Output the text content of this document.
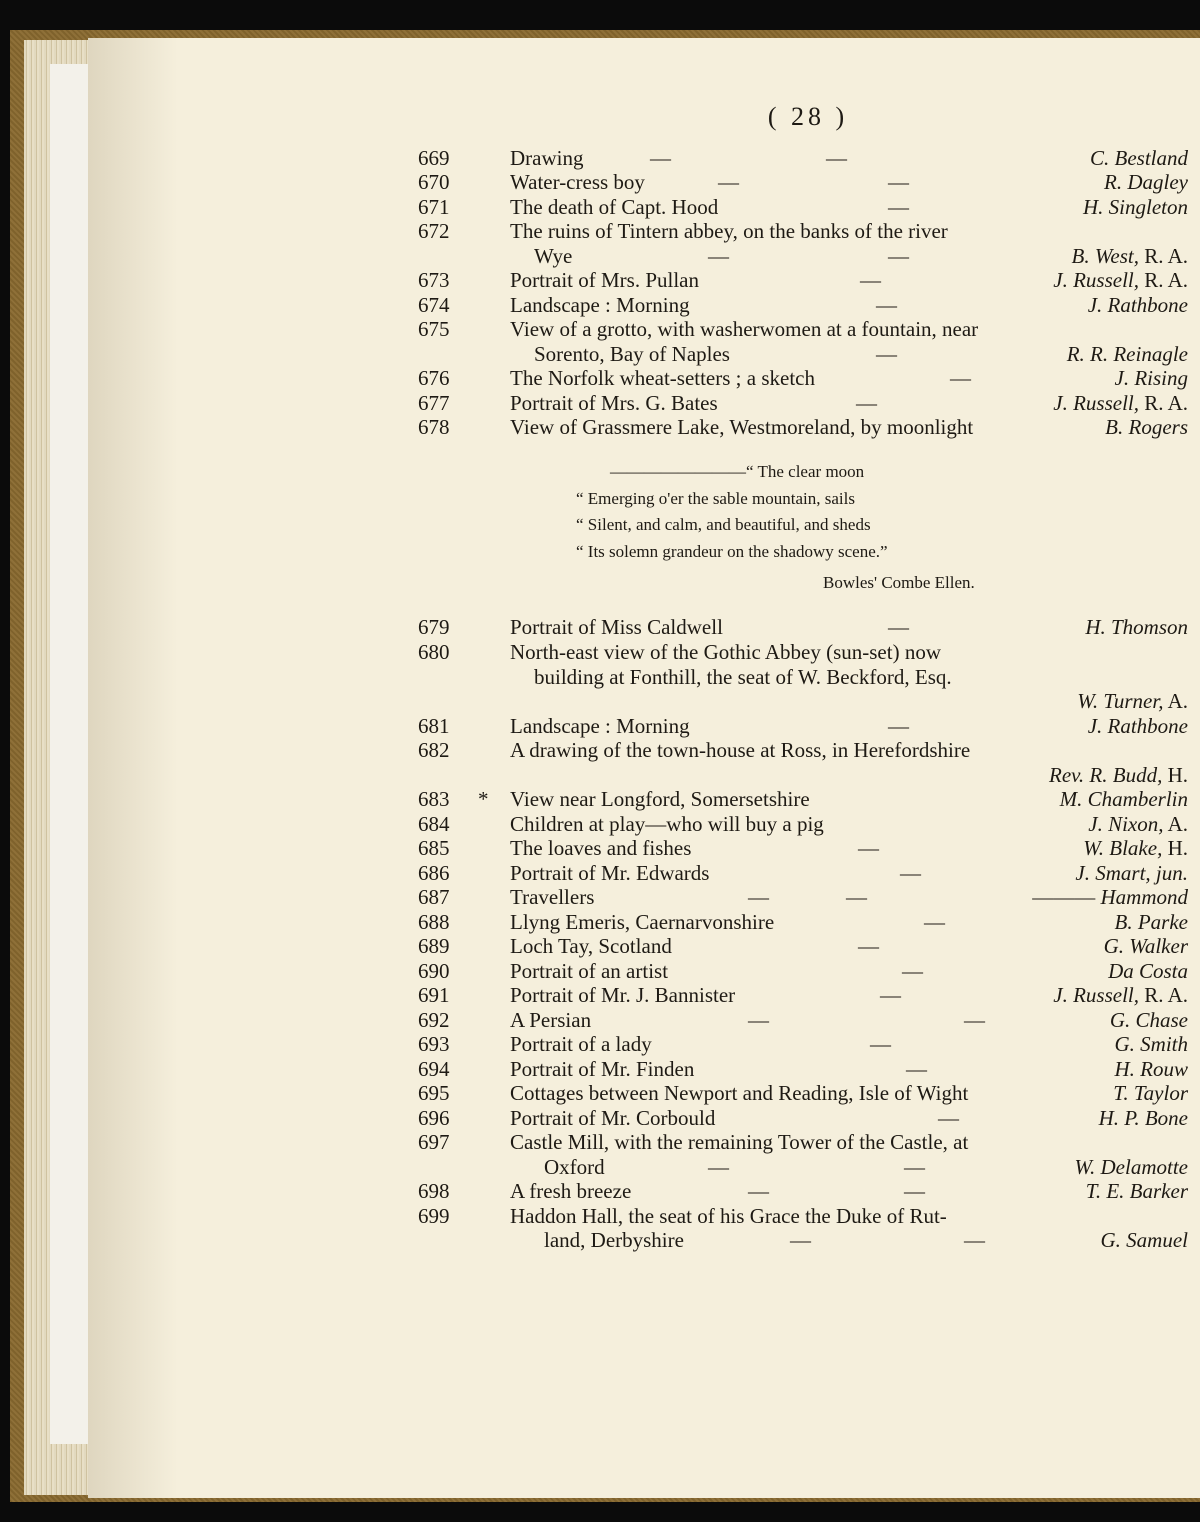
( 28 )
669	Drawing	—	—	C. Bestland
670	Water-cress boy	—	—	R. Dagley
671	The death of Capt. Hood	—	H. Singleton
672	The ruins of Tintern abbey, on the banks of the river
Wye	—	—	B. West, R. A.
673	Portrait of Mrs. Pullan	—	J. Russell, R. A.
674	Landscape : Morning	—	J. Rathbone
675	View of a grotto, with washerwomen at a fountain, near
Sorento, Bay of Naples	—	R. R. Reinagle
676	The Norfolk wheat-setters ; a sketch	—	J. Rising
677	Portrait of Mrs. G. Bates	—	J. Russell, R. A.
678	View of Grassmere Lake, Westmoreland, by moonlight	B. Rogers
————————“ The clear moon
“ Emerging o'er the sable mountain, sails
“ Silent, and calm, and beautiful, and sheds
“ Its solemn grandeur on the shadowy scene.”
Bowles' Combe Ellen.
679	Portrait of Miss Caldwell	—	H. Thomson
680	North-east view of the Gothic Abbey (sun-set) now
building at Fonthill, the seat of W. Beckford, Esq.
W. Turner, A.
681	Landscape : Morning	—	J. Rathbone
682	A drawing of the town-house at Ross, in Herefordshire
Rev. R. Budd, H.
683	* View near Longford, Somersetshire	M. Chamberlin
684	Children at play—who will buy a pig	J. Nixon, A.
685	The loaves and fishes	—	W. Blake, H.
686	Portrait of Mr. Edwards	—	J. Smart, jun.
687	Travellers	—	—	——— Hammond
688	Llyng Emeris, Caernarvonshire	—	B. Parke
689	Loch Tay, Scotland	—	G. Walker
690	Portrait of an artist	—	Da Costa
691	Portrait of Mr. J. Bannister	—	J. Russell, R. A.
692	A Persian	—	—	G. Chase
693	Portrait of a lady	—	G. Smith
694	Portrait of Mr. Finden	—	H. Rouw
695	Cottages between Newport and Reading, Isle of Wight	T. Taylor
696	Portrait of Mr. Corbould	—	H. P. Bone
697	Castle Mill, with the remaining Tower of the Castle, at
Oxford	—	—	W. Delamotte
698	A fresh breeze	—	—	T. E. Barker
699	Haddon Hall, the seat of his Grace the Duke of Rut-
land, Derbyshire	—	—	G. Samuel
